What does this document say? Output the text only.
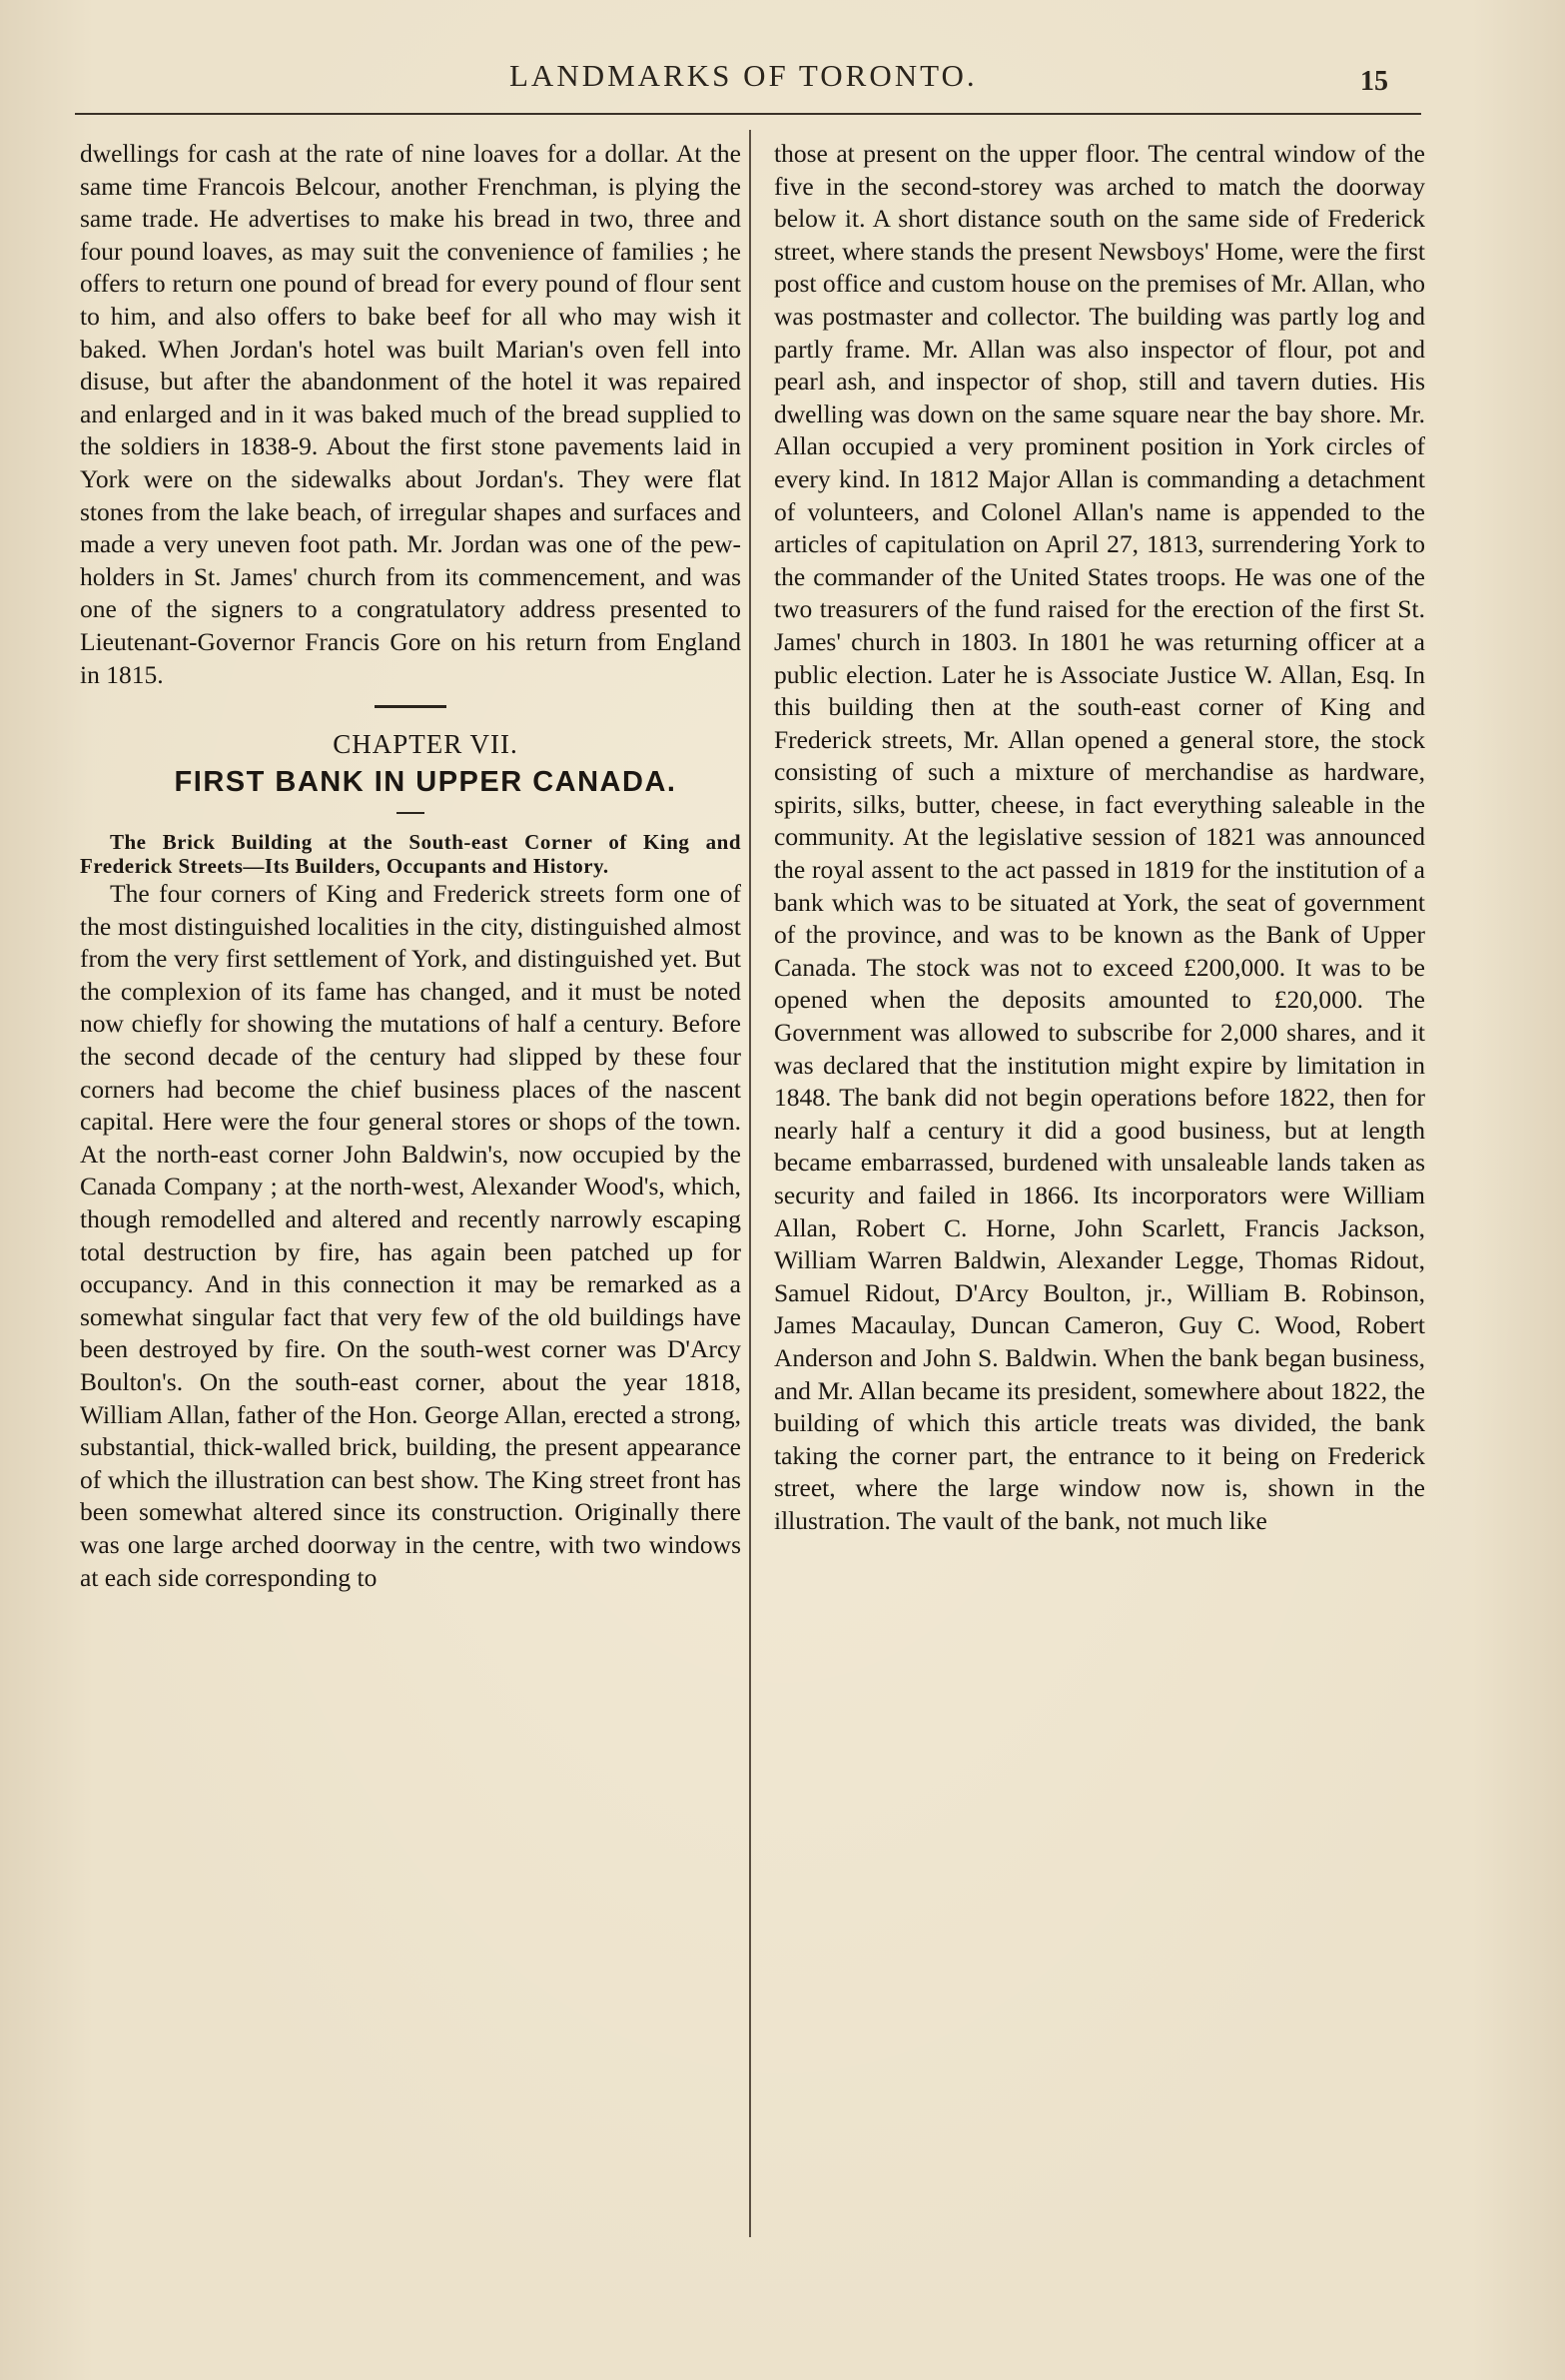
LANDMARKS OF TORONTO.	15

dwellings for cash at the rate of nine loaves for a dollar. At the same time Francois Belcour, another Frenchman, is plying the same trade. He advertises to make his bread in two, three and four pound loaves, as may suit the convenience of families ; he offers to return one pound of bread for every pound of flour sent to him, and also offers to bake beef for all who may wish it baked. When Jordan's hotel was built Marian's oven fell into disuse, but after the abandonment of the hotel it was repaired and enlarged and in it was baked much of the bread supplied to the soldiers in 1838-9. About the first stone pavements laid in York were on the sidewalks about Jordan's. They were flat stones from the lake beach, of irregular shapes and surfaces and made a very uneven foot path. Mr. Jordan was one of the pew-holders in St. James' church from its commencement, and was one of the signers to a congratulatory address presented to Lieutenant-Governor Francis Gore on his return from England in 1815.

CHAPTER VII.

FIRST BANK IN UPPER CANADA.

The Brick Building at the South-east Corner of King and Frederick Streets—Its Builders, Occupants and History.

The four corners of King and Frederick streets form one of the most distinguished localities in the city, distinguished almost from the very first settlement of York, and distinguished yet. But the complexion of its fame has changed, and it must be noted now chiefly for showing the mutations of half a century. Before the second decade of the century had slipped by these four corners had become the chief business places of the nascent capital. Here were the four general stores or shops of the town. At the north-east corner John Baldwin's, now occupied by the Canada Company ; at the north-west, Alexander Wood's, which, though remodelled and altered and recently narrowly escaping total destruction by fire, has again been patched up for occupancy. And in this connection it may be remarked as a somewhat singular fact that very few of the old buildings have been destroyed by fire. On the south-west corner was D'Arcy Boulton's. On the south-east corner, about the year 1818, William Allan, father of the Hon. George Allan, erected a strong, substantial, thick-walled brick, building, the present appearance of which the illustration can best show. The King street front has been somewhat altered since its construction. Originally there was one large arched doorway in the centre, with two windows at each side corresponding to

those at present on the upper floor. The central window of the five in the second-storey was arched to match the doorway below it. A short distance south on the same side of Frederick street, where stands the present Newsboys' Home, were the first post office and custom house on the premises of Mr. Allan, who was postmaster and collector. The building was partly log and partly frame. Mr. Allan was also inspector of flour, pot and pearl ash, and inspector of shop, still and tavern duties. His dwelling was down on the same square near the bay shore. Mr. Allan occupied a very prominent position in York circles of every kind. In 1812 Major Allan is commanding a detachment of volunteers, and Colonel Allan's name is appended to the articles of capitulation on April 27, 1813, surrendering York to the commander of the United States troops. He was one of the two treasurers of the fund raised for the erection of the first St. James' church in 1803. In 1801 he was returning officer at a public election. Later he is Associate Justice W. Allan, Esq. In this building then at the south-east corner of King and Frederick streets, Mr. Allan opened a general store, the stock consisting of such a mixture of merchandise as hardware, spirits, silks, butter, cheese, in fact everything saleable in the community. At the legislative session of 1821 was announced the royal assent to the act passed in 1819 for the institution of a bank which was to be situated at York, the seat of government of the province, and was to be known as the Bank of Upper Canada. The stock was not to exceed £200,000. It was to be opened when the deposits amounted to £20,000. The Government was allowed to subscribe for 2,000 shares, and it was declared that the institution might expire by limitation in 1848. The bank did not begin operations before 1822, then for nearly half a century it did a good business, but at length became embarrassed, burdened with unsaleable lands taken as security and failed in 1866. Its incorporators were William Allan, Robert C. Horne, John Scarlett, Francis Jackson, William Warren Baldwin, Alexander Legge, Thomas Ridout, Samuel Ridout, D'Arcy Boulton, jr., William B. Robinson, James Macaulay, Duncan Cameron, Guy C. Wood, Robert Anderson and John S. Baldwin. When the bank began business, and Mr. Allan became its president, somewhere about 1822, the building of which this article treats was divided, the bank taking the corner part, the entrance to it being on Frederick street, where the large window now is, shown in the illustration. The vault of the bank, not much like
